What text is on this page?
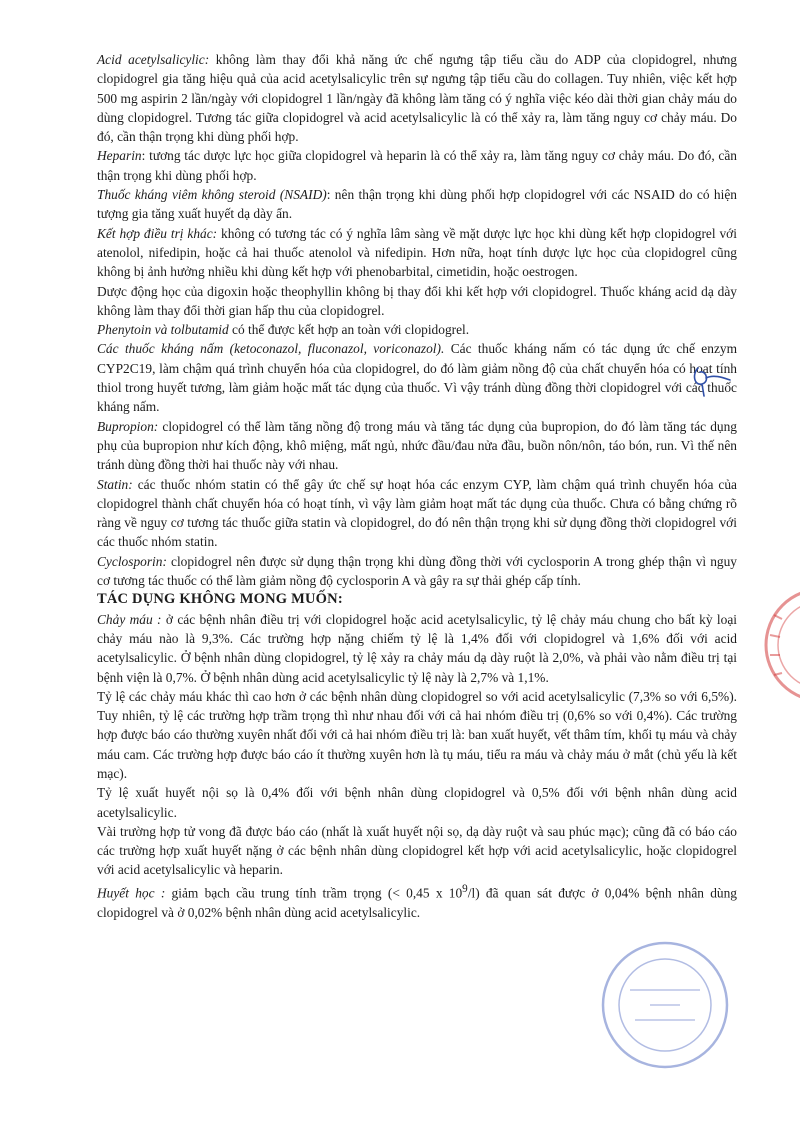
Acid acetylsalicylic: không làm thay đổi khả năng ức chế ngưng tập tiểu cầu do ADP của clopidogrel, nhưng clopidogrel gia tăng hiệu quả của acid acetylsalicylic trên sự ngưng tập tiểu cầu do collagen. Tuy nhiên, việc kết hợp 500 mg aspirin 2 lần/ngày với clopidogrel 1 lần/ngày đã không làm tăng có ý nghĩa việc kéo dài thời gian chảy máu do dùng clopidogrel. Tương tác giữa clopidogrel và acid acetylsalicylic là có thể xảy ra, làm tăng nguy cơ chảy máu. Do đó, cần thận trọng khi dùng phối hợp.

Heparin: tương tác dược lực học giữa clopidogrel và heparin là có thể xảy ra, làm tăng nguy cơ chảy máu. Do đó, cần thận trọng khi dùng phối hợp.

Thuốc kháng viêm không steroid (NSAID): nên thận trọng khi dùng phối hợp clopidogrel với các NSAID do có hiện tượng gia tăng xuất huyết dạ dày ẩn.

Kết hợp điều trị khác: không có tương tác có ý nghĩa lâm sàng về mặt dược lực học khi dùng kết hợp clopidogrel với atenolol, nifedipin, hoặc cả hai thuốc atenolol và nifedipin. Hơn nữa, hoạt tính dược lực học của clopidogrel cũng không bị ảnh hưởng nhiều khi dùng kết hợp với phenobarbital, cimetidin, hoặc oestrogen.

Dược động học của digoxin hoặc theophyllin không bị thay đổi khi kết hợp với clopidogrel. Thuốc kháng acid dạ dày không làm thay đổi thời gian hấp thu của clopidogrel.

Phenytoin và tolbutamid có thể được kết hợp an toàn với clopidogrel.

Các thuốc kháng nấm (ketoconazol, fluconazol, voriconazol). Các thuốc kháng nấm có tác dụng ức chế enzym CYP2C19, làm chậm quá trình chuyển hóa của clopidogrel, do đó làm giảm nồng độ của chất chuyển hóa có hoạt tính thiol trong huyết tương, làm giảm hoặc mất tác dụng của thuốc. Vì vậy tránh dùng đồng thời clopidogrel với các thuốc kháng nấm.

Bupropion: clopidogrel có thể làm tăng nồng độ trong máu và tăng tác dụng của bupropion, do đó làm tăng tác dụng phụ của bupropion như kích động, khô miệng, mất ngủ, nhức đầu/đau nửa đầu, buồn nôn/nôn, táo bón, run. Vì thế nên tránh dùng đồng thời hai thuốc này với nhau.

Statin: các thuốc nhóm statin có thể gây ức chế sự hoạt hóa các enzym CYP, làm chậm quá trình chuyển hóa của clopidogrel thành chất chuyển hóa có hoạt tính, vì vậy làm giảm hoạt mất tác dụng của thuốc. Chưa có bằng chứng rõ ràng về nguy cơ tương tác thuốc giữa statin và clopidogrel, do đó nên thận trọng khi sử dụng đồng thời clopidogrel với các thuốc nhóm statin.

Cyclosporin: clopidogrel nên được sử dụng thận trọng khi dùng đồng thời với cyclosporin A trong ghép thận vì nguy cơ tương tác thuốc có thể làm giảm nồng độ cyclosporin A và gây ra sự thải ghép cấp tính.

TÁC DỤNG KHÔNG MONG MUỐN:

Chảy máu : ở các bệnh nhân điều trị với clopidogrel hoặc acid acetylsalicylic, tỷ lệ chảy máu chung cho bất kỳ loại chảy máu nào là 9,3%. Các trường hợp nặng chiếm tỷ lệ là 1,4% đối với clopidogrel và 1,6% đối với acid acetylsalicylic. Ở bệnh nhân dùng clopidogrel, tỷ lệ xảy ra chảy máu dạ dày ruột là 2,0%, và phải vào nằm điều trị tại bệnh viện là 0,7%. Ở bệnh nhân dùng acid acetylsalicylic tỷ lệ này là 2,7% và 1,1%.

Tỷ lệ các chảy máu khác thì cao hơn ở các bệnh nhân dùng clopidogrel so với acid acetylsalicylic (7,3% so với 6,5%). Tuy nhiên, tỷ lệ các trường hợp trầm trọng thì như nhau đối với cả hai nhóm điều trị (0,6% so với 0,4%). Các trường hợp được báo cáo thường xuyên nhất đối với cả hai nhóm điều trị là: ban xuất huyết, vết thâm tím, khối tụ máu và chảy máu cam. Các trường hợp được báo cáo ít thường xuyên hơn là tụ máu, tiểu ra máu và chảy máu ở mắt (chủ yếu là kết mạc).

Tỷ lệ xuất huyết nội sọ là 0,4% đối với bệnh nhân dùng clopidogrel và 0,5% đối với bệnh nhân dùng acid acetylsalicylic.

Vài trường hợp tử vong đã được báo cáo (nhất là xuất huyết nội sọ, dạ dày ruột và sau phúc mạc); cũng đã có báo cáo các trường hợp xuất huyết nặng ở các bệnh nhân dùng clopidogrel kết hợp với acid acetylsalicylic, hoặc clopidogrel với acid acetylsalicylic và heparin.

Huyết học : giảm bạch cầu trung tính trầm trọng (< 0,45 x $10^9/l$) đã quan sát được ở 0,04% bệnh nhân dùng clopidogrel và ở 0,02% bệnh nhân dùng acid acetylsalicylic.
